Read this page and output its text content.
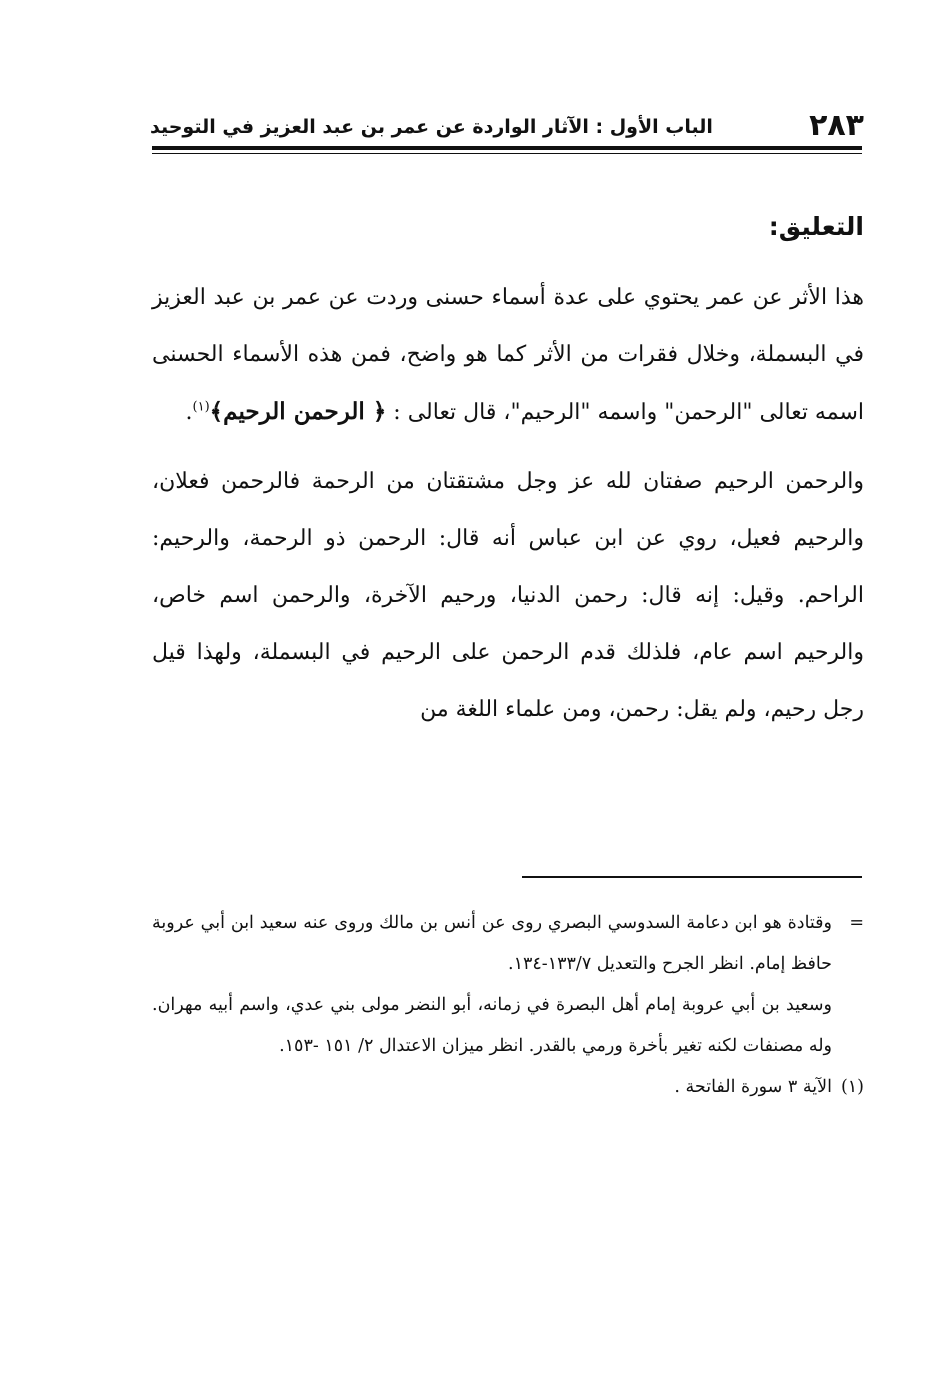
٢٨٣
الباب الأول : الآثار الواردة عن عمر بن عبد العزيز في التوحيد
التعليق:

هذا الأثر عن عمر يحتوي على عدة أسماء حسنى وردت عن عمر بن عبد العزيز في البسملة، وخلال فقرات من الأثر كما هو واضح، فمن هذه الأسماء الحسنى اسمه تعالى "الرحمن" واسمه "الرحيم"، قال تعالى : ﴿ الرحمن الرحيم﴾$^{(١)}$.

والرحمن الرحيم صفتان لله عز وجل مشتقتان من الرحمة فالرحمن فعلان، والرحيم فعيل، روي عن ابن عباس أنه قال: الرحمن ذو الرحمة، والرحيم: الراحم. وقيل: إنه قال: رحمن الدنيا، ورحيم الآخرة، والرحمن اسم خاص، والرحيم اسم عام، فلذلك قدم الرحمن على الرحيم في البسملة، ولهذا قيل رجل رحيم، ولم يقل: رحمن، ومن علماء اللغة من

=
وقتادة هو ابن دعامة السدوسي البصري روى عن أنس بن مالك وروى عنه سعيد ابن أبي عروبة حافظ إمام. انظر الجرح والتعديل ١٣٣/٧-١٣٤.

وسعيد بن أبي عروبة إمام أهل البصرة في زمانه، أبو النضر مولى بني عدي، واسم أبيه مهران. وله مصنفات لكنه تغير بأخرة ورمي بالقدر. انظر ميزان الاعتدال ٢/ ١٥١ -١٥٣.

(١)
الآية ٣ سورة الفاتحة .
